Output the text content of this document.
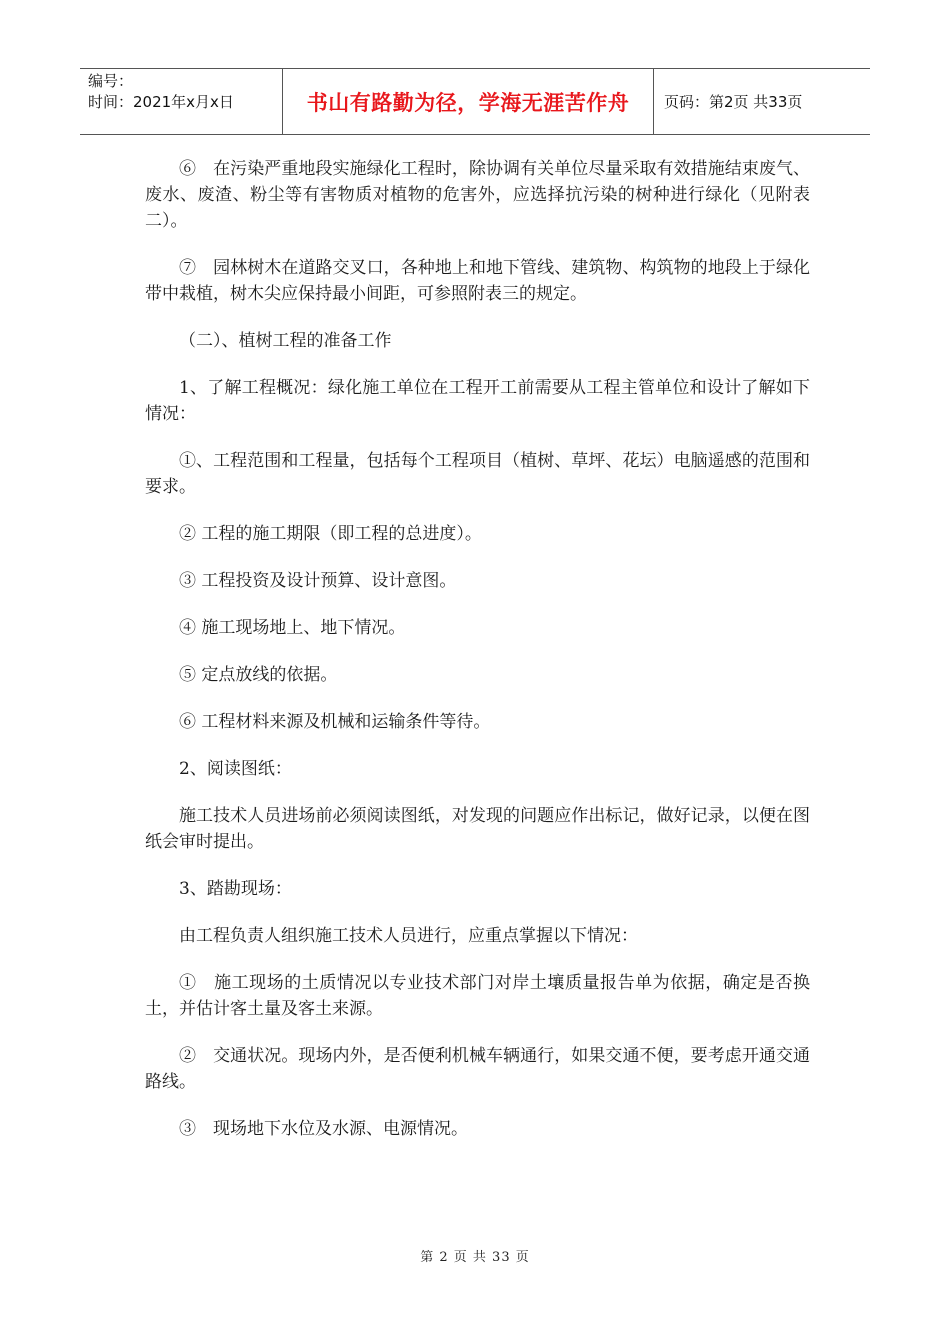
编号：
时间：2021年x月x日	书山有路勤为径，学海无涯苦作舟	页码：第2页 共33页

⑥　在污染严重地段实施绿化工程时，除协调有关单位尽量采取有效措施结束废气、废水、废渣、粉尘等有害物质对植物的危害外，应选择抗污染的树种进行绿化（见附表二）。

⑦　园林树木在道路交叉口，各种地上和地下管线、建筑物、构筑物的地段上于绿化带中栽植，树木尖应保持最小间距，可参照附表三的规定。

（二）、植树工程的准备工作

1、了解工程概况：绿化施工单位在工程开工前需要从工程主管单位和设计了解如下情况：

①、工程范围和工程量，包括每个工程项目（植树、草坪、花坛）电脑遥感的范围和要求。

② 工程的施工期限（即工程的总进度）。

③ 工程投资及设计预算、设计意图。

④ 施工现场地上、地下情况。

⑤ 定点放线的依据。

⑥ 工程材料来源及机械和运输条件等待。

2、阅读图纸：

施工技术人员进场前必须阅读图纸，对发现的问题应作出标记，做好记录，以便在图纸会审时提出。

3、踏勘现场：

由工程负责人组织施工技术人员进行，应重点掌握以下情况：

①　施工现场的土质情况以专业技术部门对岸土壤质量报告单为依据，确定是否换土，并估计客土量及客土来源。

②　交通状况。现场内外，是否便利机械车辆通行，如果交通不便，要考虑开通交通路线。

③　现场地下水位及水源、电源情况。

第 2 页 共 33 页
